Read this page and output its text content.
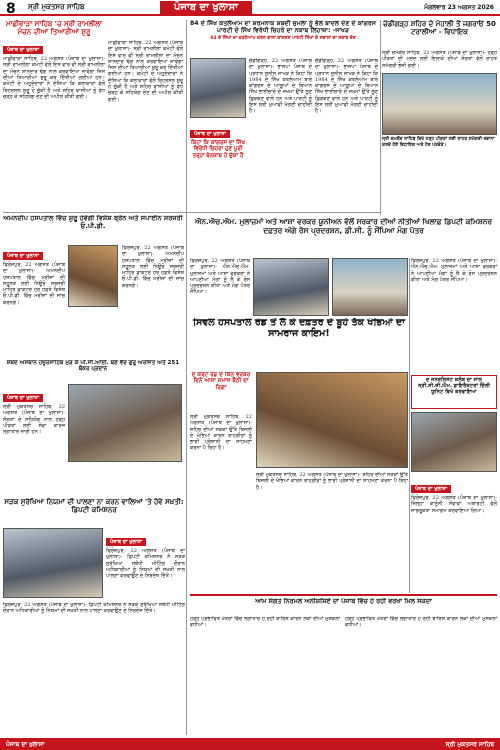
8 ਸ੍ਰੀ ਮੁਕਤਸਰ ਸਾਹਿਬ	ਪੰਜਾਬ ਦਾ ਖੁਲਾਸਾ	ਮੰਗਲਵਾਰ 23 ਅਗਸਤ 2026
ਮਾਛੀਵਾੜਾ ਸਾਹਿਬ 'ਚ ਸ੍ਰੀ ਰਾਮਲੀਲਾ ਮੰਚਨ ਦੀਆਂ ਤਿਆਰੀਆਂ ਸ਼ੁਰੂ
ਪੰਜਾਬ ਦਾ ਖੁਲਾਸਾ
ਮਾਛੀਵਾੜਾ ਸਾਹਿਬ, 22 ਅਗਸਤ (ਪੰਜਾਬ ਦਾ ਖੁਲਾਸਾ)- ਸ੍ਰੀ ਰਾਮਲੀਲਾ ਕਮੇਟੀ ਵੱਲੋਂ ਇਸ ਵਾਰ ਵੀ ਸ੍ਰੀ ਰਾਮਲੀਲਾ ਦਾ ਮੰਚਨ ਸ਼ਾਨਦਾਰ ਢੰਗ ਨਾਲ ਕਰਵਾਇਆ ਜਾਵੇਗਾ ਜਿਸ ਦੀਆਂ ਤਿਆਰੀਆਂ ਸ਼ੁਰੂ ਕਰ ਦਿੱਤੀਆਂ ਗਈਆਂ ਹਨ। ਕਮੇਟੀ ਦੇ ਅਹੁਦੇਦਾਰਾਂ ਨੇ ਦੱਸਿਆ ਕਿ ਕਲਾਕਾਰਾਂ ਵੱਲੋਂ ਰਿਹਰਸਲ ਸ਼ੁਰੂ ਹੋ ਚੁੱਕੀ ਹੈ ਅਤੇ ਸ਼ਹਿਰ ਵਾਸੀਆਂ ਨੂੰ ਵੱਧ ਚੜ੍ਹ ਕੇ ਸਹਿਯੋਗ ਦੇਣ ਦੀ ਅਪੀਲ ਕੀਤੀ ਗਈ।
ਮਾਛੀਵਾੜਾ ਸਾਹਿਬ, 22 ਅਗਸਤ (ਪੰਜਾਬ ਦਾ ਖੁਲਾਸਾ)- ਸ੍ਰੀ ਰਾਮਲੀਲਾ ਕਮੇਟੀ ਵੱਲੋਂ ਇਸ ਵਾਰ ਵੀ ਸ੍ਰੀ ਰਾਮਲੀਲਾ ਦਾ ਮੰਚਨ ਸ਼ਾਨਦਾਰ ਢੰਗ ਨਾਲ ਕਰਵਾਇਆ ਜਾਵੇਗਾ ਜਿਸ ਦੀਆਂ ਤਿਆਰੀਆਂ ਸ਼ੁਰੂ ਕਰ ਦਿੱਤੀਆਂ ਗਈਆਂ ਹਨ। ਕਮੇਟੀ ਦੇ ਅਹੁਦੇਦਾਰਾਂ ਨੇ ਦੱਸਿਆ ਕਿ ਕਲਾਕਾਰਾਂ ਵੱਲੋਂ ਰਿਹਰਸਲ ਸ਼ੁਰੂ ਹੋ ਚੁੱਕੀ ਹੈ ਅਤੇ ਸ਼ਹਿਰ ਵਾਸੀਆਂ ਨੂੰ ਵੱਧ ਚੜ੍ਹ ਕੇ ਸਹਿਯੋਗ ਦੇਣ ਦੀ ਅਪੀਲ ਕੀਤੀ ਗਈ।
84 ਦੇ ਸਿੱਖ ਕਤਲੇਆਮ ਦਾ ਸ਼ਰਮਨਾਕ ਸ਼ਬਦੀ ਜੁਮਲਾ ਨੂੰ ਭੋਲ ਬਾਦਲ ਦੇਣ ਦੇ ਕਾਂਗਰਸ ਪਾਰਟੀ ਦੇ ਸਿੱਖ ਵਿਰੋਧੀ ਚਿਹਰੇ ਦਾ ਨਕਾਬ ਲਿਹਾਜ਼ਾ: -ਜਾਖੜ
84 ਦੇ ਸਿੱਖਾਂ ਦਾ ਕਤਲੇਆਮ ਕਰਨ ਵਾਲਾ ਕਾਂਗਰਸ ਪਾਰਟੀ ਸਿੱਖਾਂ ਦੇ ਸਵਾਲਾਂ ਦਾ ਜਵਾਬ ਦੇਣ
ਪੰਜਾਬ ਦਾ ਖੁਲਾਸਾ
ਕਿਹਾ ਕਿ ਕਾਂਗਰਸ ਦਾ ਸਿੱਖ ਵਿਰੋਧੀ ਚਿਹਰਾ ਹੁਣ ਪੂਰੀ ਤਰ੍ਹਾਂ ਬੇਨਕਾਬ ਹੋ ਚੁੱਕਾ ਹੈ
ਚੰਡੀਗੜ੍ਹ, 22 ਅਗਸਤ (ਪੰਜਾਬ ਦਾ ਖੁਲਾਸਾ)- ਭਾਜਪਾ ਪੰਜਾਬ ਦੇ ਪ੍ਰਧਾਨ ਸੁਨੀਲ ਜਾਖੜ ਨੇ ਕਿਹਾ ਕਿ 1984 ਦੇ ਸਿੱਖ ਕਤਲੇਆਮ ਬਾਰੇ ਕਾਂਗਰਸ ਦੇ ਆਗੂਆਂ ਦੇ ਬਿਆਨ ਸਿੱਖ ਭਾਈਚਾਰੇ ਦੇ ਜ਼ਖਮਾਂ ਉੱਤੇ ਲੂਣ ਛਿੜਕਣ ਵਾਲੇ ਹਨ ਅਤੇ ਪਾਰਟੀ ਨੂੰ ਇਸ ਲਈ ਮੁਆਫੀ ਮੰਗਣੀ ਚਾਹੀਦੀ ਹੈ।
ਚੰਡੀਗੜ੍ਹ, 22 ਅਗਸਤ (ਪੰਜਾਬ ਦਾ ਖੁਲਾਸਾ)- ਭਾਜਪਾ ਪੰਜਾਬ ਦੇ ਪ੍ਰਧਾਨ ਸੁਨੀਲ ਜਾਖੜ ਨੇ ਕਿਹਾ ਕਿ 1984 ਦੇ ਸਿੱਖ ਕਤਲੇਆਮ ਬਾਰੇ ਕਾਂਗਰਸ ਦੇ ਆਗੂਆਂ ਦੇ ਬਿਆਨ ਸਿੱਖ ਭਾਈਚਾਰੇ ਦੇ ਜ਼ਖਮਾਂ ਉੱਤੇ ਲੂਣ ਛਿੜਕਣ ਵਾਲੇ ਹਨ ਅਤੇ ਪਾਰਟੀ ਨੂੰ ਇਸ ਲਈ ਮੁਆਫੀ ਮੰਗਣੀ ਚਾਹੀਦੀ ਹੈ।
ਚੰਡੀਗੜ੍ਹ ਸ਼ਹਿਰ ਦੇ ਮੋਹਾਲੀ ਤੋਂ ਜਗਰਾਓਂ 50 ਟਰਾਲੀਆਂ - ਵਿਧਾਇਕ
ਸ੍ਰੀ ਚਮਕੌਰ ਸਾਹਿਬ, 22 ਅਗਸਤ (ਪੰਜਾਬ ਦਾ ਖੁਲਾਸਾ)- ਹੜ੍ਹ ਪੀੜਤਾਂ ਦੀ ਮਦਦ ਲਈ ਇਲਾਕੇ ਦੀਆਂ ਸੰਗਤਾਂ ਵੱਲੋਂ ਰਾਹਤ ਸਮੱਗਰੀ ਭੇਜੀ ਗਈ।
ਸ੍ਰੀ ਚਮਕੌਰ ਸਾਹਿਬ ਵਿਖੇ ਹੜ੍ਹ ਪੀੜਤਾਂ ਲਈ ਰਾਹਤ ਸਮੱਗਰੀ ਰਵਾਨਾ ਕਰਦੇ ਹੋਏ ਵਿਧਾਇਕ ਅਤੇ ਹੋਰ ਪਤਵੰਤੇ।
ਅਮਨਦੀਪ ਹਸਪਤਾਲ ਵਿੱਚ ਸ਼ੁਰੂ ਹੋਵੇਗੀ ਵਿਸ਼ੇਸ਼ ਬ੍ਰੇਨ ਅਤੇ ਸਪਾਈਨ ਸਰਜਰੀ ਓ.ਪੀ.ਡੀ.
ਪੰਜਾਬ ਦਾ ਖੁਲਾਸਾ
ਫਿਰੋਜ਼ਪੁਰ, 22 ਅਗਸਤ (ਪੰਜਾਬ ਦਾ ਖੁਲਾਸਾ)- ਅਮਨਦੀਪ ਹਸਪਤਾਲ ਵਿੱਚ ਮਰੀਜ਼ਾਂ ਦੀ ਸਹੂਲਤ ਲਈ ਨਿਊਰੋ ਸਰਜਰੀ ਮਾਹਿਰ ਡਾਕਟਰ ਹਰ ਹਫ਼ਤੇ ਵਿਸ਼ੇਸ਼ ਓ.ਪੀ.ਡੀ. ਵਿੱਚ ਮਰੀਜ਼ਾਂ ਦੀ ਜਾਂਚ ਕਰਨਗੇ।
ਫਿਰੋਜ਼ਪੁਰ, 22 ਅਗਸਤ (ਪੰਜਾਬ ਦਾ ਖੁਲਾਸਾ)- ਅਮਨਦੀਪ ਹਸਪਤਾਲ ਵਿੱਚ ਮਰੀਜ਼ਾਂ ਦੀ ਸਹੂਲਤ ਲਈ ਨਿਊਰੋ ਸਰਜਰੀ ਮਾਹਿਰ ਡਾਕਟਰ ਹਰ ਹਫ਼ਤੇ ਵਿਸ਼ੇਸ਼ ਓ.ਪੀ.ਡੀ. ਵਿੱਚ ਮਰੀਜ਼ਾਂ ਦੀ ਜਾਂਚ ਕਰਨਗੇ।
ਸ਼ਬਦ ਅਸਥਾਨ ਹਜ਼ੂਰਸਾਹਿਬ ਮੁੜ ਕੇ ਪੀ.ਜੀ.ਆਈ. ਬਣ ਵੈਰ ਗੁਰੂ ਅਰਜਿਤ ਅਤੇ 251 ਬੰਕਰ ਪ੍ਰਦਾਨ
ਪੰਜਾਬ ਦਾ ਖੁਲਾਸਾ
ਸ੍ਰੀ ਮੁਕਤਸਰ ਸਾਹਿਬ, 22 ਅਗਸਤ (ਪੰਜਾਬ ਦਾ ਖੁਲਾਸਾ)- ਸੰਗਤਾਂ ਦੇ ਸਹਿਯੋਗ ਨਾਲ ਹੜ੍ਹ ਪੀੜਤਾਂ ਲਈ ਸੇਵਾ ਕਾਰਜ ਲਗਾਤਾਰ ਜਾਰੀ ਹਨ।
ਐਨ.ਐਚ.ਐਮ. ਮੁਲਾਜ਼ਮਾਂ ਅਤੇ ਆਸ਼ਾ ਵਰਕਰ ਯੂਨੀਅਨ ਵੱਲੋਂ ਸਰਕਾਰ ਦੀਆਂ ਨੀਤੀਆਂ ਖਿਲਾਫ਼ ਡਿਪਟੀ ਕਮਿਸ਼ਨਰ ਦਫ਼ਤਰ ਅੱਗੇ ਰੋਸ ਪ੍ਰਦਰਸ਼ਨ, ਡੀ.ਸੀ. ਨੂੰ ਸੌਂਪਿਆ ਮੰਗ ਪੱਤਰ
ਫਿਰੋਜ਼ਪੁਰ, 22 ਅਗਸਤ (ਪੰਜਾਬ ਦਾ ਖੁਲਾਸਾ)- ਐਨ.ਐਚ.ਐਮ. ਮੁਲਾਜ਼ਮਾਂ ਅਤੇ ਆਸ਼ਾ ਵਰਕਰਾਂ ਨੇ ਆਪਣੀਆਂ ਮੰਗਾਂ ਨੂੰ ਲੈ ਕੇ ਰੋਸ ਪ੍ਰਦਰਸ਼ਨ ਕੀਤਾ ਅਤੇ ਮੰਗ ਪੱਤਰ ਸੌਂਪਿਆ।
ਫਿਰੋਜ਼ਪੁਰ, 22 ਅਗਸਤ (ਪੰਜਾਬ ਦਾ ਖੁਲਾਸਾ)- ਐਨ.ਐਚ.ਐਮ. ਮੁਲਾਜ਼ਮਾਂ ਅਤੇ ਆਸ਼ਾ ਵਰਕਰਾਂ ਨੇ ਆਪਣੀਆਂ ਮੰਗਾਂ ਨੂੰ ਲੈ ਕੇ ਰੋਸ ਪ੍ਰਦਰਸ਼ਨ ਕੀਤਾ ਅਤੇ ਮੰਗ ਪੱਤਰ ਸੌਂਪਿਆ।
ਸਿਵਲ ਹਸਪਤਾਲ ਰੋਡ ਤੋਂ ਲੈ ਕੇ ਦਫ਼ਤਰ ਦੇ ਬੂਹੇ ਤੱਕ ਖੰਭਿਆਂ ਦਾ ਸਾਮਰਾਜ ਕਾਇਮ!
ਦੇ ਕੋਰਟ ਰੋਡ ਦੇ ਕਿੰਨੇ ਵਰਕਰ ਦਿਨੋਂ ਆਸਾ ਸਮਾਜ ਬੈਠੀ ਦਾ ਰਿਗਾ
ਸ੍ਰੀ ਮੁਕਤਸਰ ਸਾਹਿਬ, 22 ਅਗਸਤ (ਪੰਜਾਬ ਦਾ ਖੁਲਾਸਾ)- ਸ਼ਹਿਰ ਦੀਆਂ ਸੜਕਾਂ ਉੱਤੇ ਬਿਜਲੀ ਦੇ ਖੰਭਿਆਂ ਕਾਰਨ ਰਾਹਗੀਰਾਂ ਨੂੰ ਭਾਰੀ ਪ੍ਰੇਸ਼ਾਨੀ ਦਾ ਸਾਹਮਣਾ ਕਰਨਾ ਪੈ ਰਿਹਾ ਹੈ।
ਸ੍ਰੀ ਮੁਕਤਸਰ ਸਾਹਿਬ, 22 ਅਗਸਤ (ਪੰਜਾਬ ਦਾ ਖੁਲਾਸਾ)- ਸ਼ਹਿਰ ਦੀਆਂ ਸੜਕਾਂ ਉੱਤੇ ਬਿਜਲੀ ਦੇ ਖੰਭਿਆਂ ਕਾਰਨ ਰਾਹਗੀਰਾਂ ਨੂੰ ਭਾਰੀ ਪ੍ਰੇਸ਼ਾਨੀ ਦਾ ਸਾਹਮਣਾ ਕਰਨਾ ਪੈ ਰਿਹਾ ਹੈ।
ਦ ਜਨਰਲਿਸਟ ਕਲੱਬ ਦਾ ਸਾਲ ਸ੍ਰੀ.ਸੀ.ਜੀ.ਐਮ. ਡਾਇਰੈਕਟਰਾਂ ਦਿੱਲੀ ਯੂਨਿਟ ਵਿਖੇ ਕਰਵਾਇਆ
ਪੰਜਾਬ ਦਾ ਖੁਲਾਸਾ
ਫਿਰੋਜ਼ਪੁਰ, 22 ਅਗਸਤ (ਪੰਜਾਬ ਦਾ ਖੁਲਾਸਾ)- ਜ਼ਿਲ੍ਹਾ ਕਾਨੂੰਨੀ ਸੇਵਾਵਾਂ ਅਥਾਰਟੀ ਵੱਲੋਂ ਜਾਗਰੂਕਤਾ ਸਮਾਗਮ ਕਰਵਾਇਆ ਗਿਆ।
ਸੜਕ ਸੁਰੱਖਿਆ ਨਿਯਮਾਂ ਦੀ ਪਾਲਣਾ ਨਾ ਕਰਨ ਵਾਲਿਆਂ 'ਤੇ ਹੋਵੇ ਸਖ਼ਤੀ: ਡਿਪਟੀ ਕਮਿਸ਼ਨਰ
ਪੰਜਾਬ ਦਾ ਖੁਲਾਸਾ
ਫਿਰੋਜ਼ਪੁਰ, 22 ਅਗਸਤ (ਪੰਜਾਬ ਦਾ ਖੁਲਾਸਾ)- ਡਿਪਟੀ ਕਮਿਸ਼ਨਰ ਨੇ ਸੜਕ ਸੁਰੱਖਿਆ ਸਬੰਧੀ ਮੀਟਿੰਗ ਦੌਰਾਨ ਅਧਿਕਾਰੀਆਂ ਨੂੰ ਨਿਯਮਾਂ ਦੀ ਸਖ਼ਤੀ ਨਾਲ ਪਾਲਣਾ ਕਰਵਾਉਣ ਦੇ ਨਿਰਦੇਸ਼ ਦਿੱਤੇ।
ਫਿਰੋਜ਼ਪੁਰ, 22 ਅਗਸਤ (ਪੰਜਾਬ ਦਾ ਖੁਲਾਸਾ)- ਡਿਪਟੀ ਕਮਿਸ਼ਨਰ ਨੇ ਸੜਕ ਸੁਰੱਖਿਆ ਸਬੰਧੀ ਮੀਟਿੰਗ ਦੌਰਾਨ ਅਧਿਕਾਰੀਆਂ ਨੂੰ ਨਿਯਮਾਂ ਦੀ ਸਖ਼ਤੀ ਨਾਲ ਪਾਲਣਾ ਕਰਵਾਉਣ ਦੇ ਨਿਰਦੇਸ਼ ਦਿੱਤੇ।
ਆਮ ਸੰਗਤ ਨਿਰਮਲ ਅਨੀਸ਼ਸ਼ਿਏ ਦਾ ਪੰਜਾਬ ਵਿੱਚ ਹੋ ਰਹੀ ਵਰਖਾ ਮਿਲ ਸਕਦਾ
ਹੜ੍ਹ ਪ੍ਰਭਾਵਿਤ ਖੇਤਰਾਂ ਵਿੱਚ ਲਗਾਤਾਰ ਹੋ ਰਹੀ ਬਾਰਿਸ਼ ਕਾਰਨ ਲੋਕਾਂ ਦੀਆਂ ਮੁਸ਼ਕਲਾਂ ਵਧੀਆਂ।
ਹੜ੍ਹ ਪ੍ਰਭਾਵਿਤ ਖੇਤਰਾਂ ਵਿੱਚ ਲਗਾਤਾਰ ਹੋ ਰਹੀ ਬਾਰਿਸ਼ ਕਾਰਨ ਲੋਕਾਂ ਦੀਆਂ ਮੁਸ਼ਕਲਾਂ ਵਧੀਆਂ।
ਪੰਜਾਬ ਦਾ ਖੁਲਾਸਾ	ਸ੍ਰੀ ਮੁਕਤਸਰ ਸਾਹਿਬ
